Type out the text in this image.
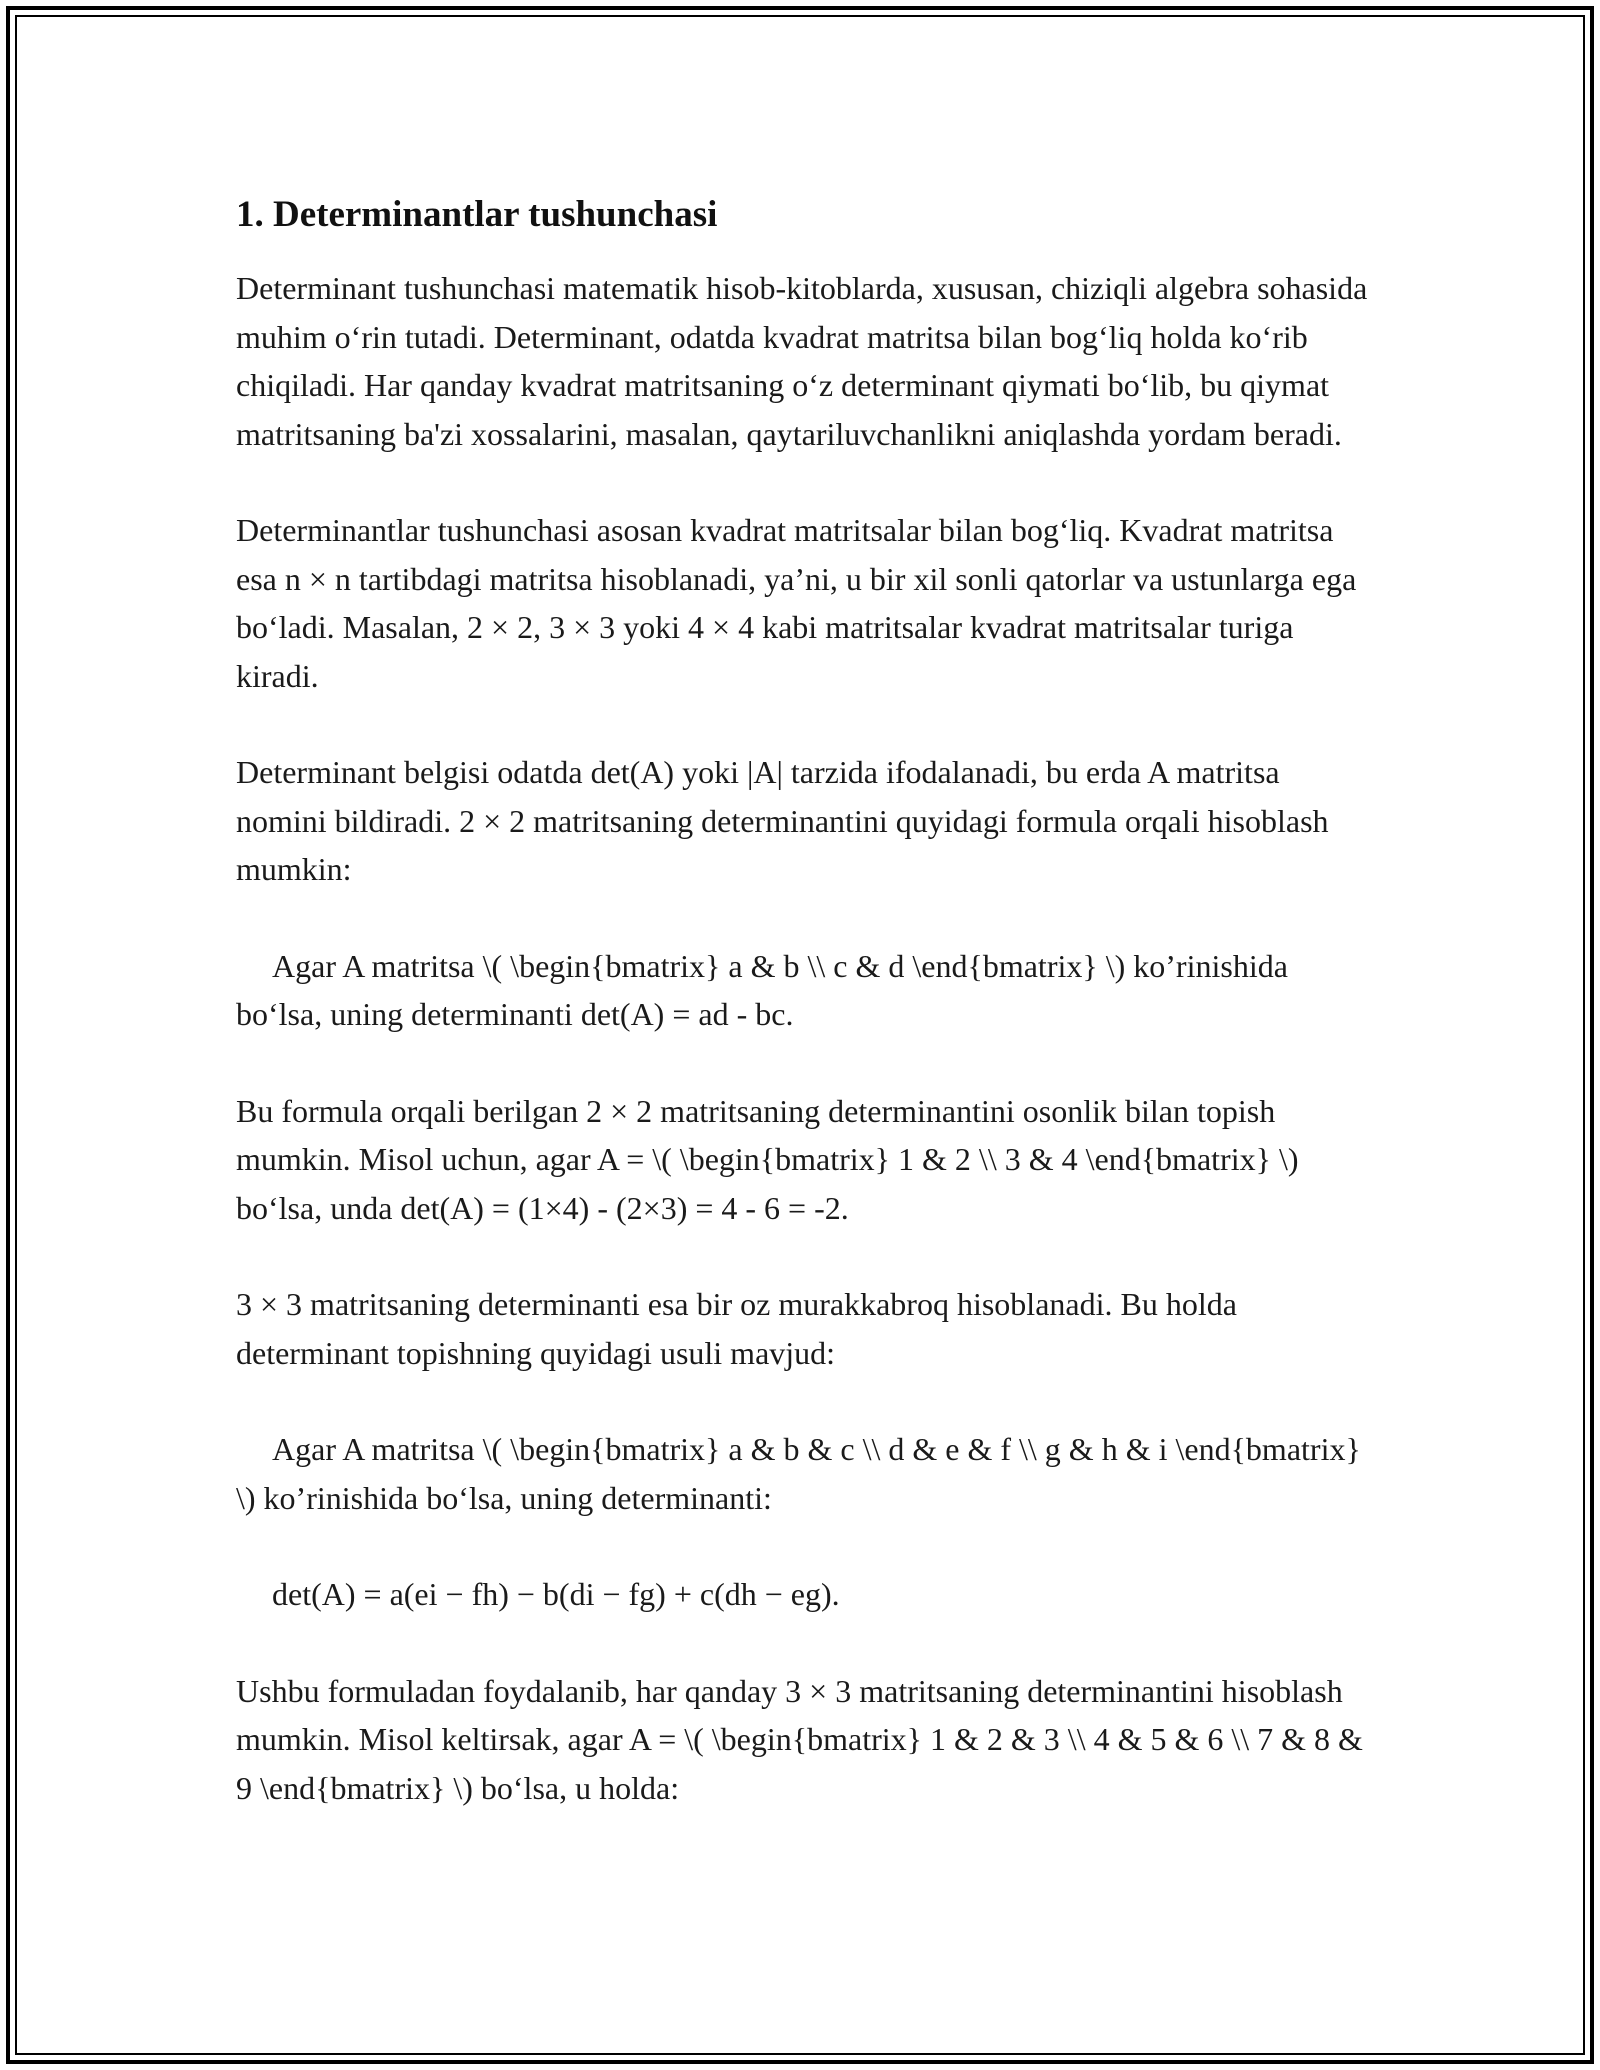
1. Determinantlar tushunchasi

Determinant tushunchasi matematik hisob-kitoblarda, xususan, chiziqli algebra sohasida muhim o‘rin tutadi. Determinant, odatda kvadrat matritsa bilan bog‘liq holda ko‘rib chiqiladi. Har qanday kvadrat matritsaning o‘z determinant qiymati bo‘lib, bu qiymat matritsaning ba'zi xossalarini, masalan, qaytariluvchanlikni aniqlashda yordam beradi.

Determinantlar tushunchasi asosan kvadrat matritsalar bilan bog‘liq. Kvadrat matritsa esa n × n tartibdagi matritsa hisoblanadi, ya’ni, u bir xil sonli qatorlar va ustunlarga ega bo‘ladi. Masalan, 2 × 2, 3 × 3 yoki 4 × 4 kabi matritsalar kvadrat matritsalar turiga kiradi.

Determinant belgisi odatda det(A) yoki |A| tarzida ifodalanadi, bu erda A matritsa nomini bildiradi. 2 × 2 matritsaning determinantini quyidagi formula orqali hisoblash mumkin:

Agar A matritsa \( \begin{bmatrix} a & b \\ c & d \end{bmatrix} \) ko’rinishida bo‘lsa, uning determinanti det(A) = ad - bc.

Bu formula orqali berilgan 2 × 2 matritsaning determinantini osonlik bilan topish mumkin. Misol uchun, agar A = \( \begin{bmatrix} 1 & 2 \\ 3 & 4 \end{bmatrix} \) bo‘lsa, unda det(A) = (1×4) - (2×3) = 4 - 6 = -2.

3 × 3 matritsaning determinanti esa bir oz murakkabroq hisoblanadi. Bu holda determinant topishning quyidagi usuli mavjud:

Agar A matritsa \( \begin{bmatrix} a & b & c \\ d & e & f \\ g & h & i \end{bmatrix} \) ko’rinishida bo‘lsa, uning determinanti:

det(A) = a(ei − fh) − b(di − fg) + c(dh − eg).

Ushbu formuladan foydalanib, har qanday 3 × 3 matritsaning determinantini hisoblash mumkin. Misol keltirsak, agar A = \( \begin{bmatrix} 1 & 2 & 3 \\ 4 & 5 & 6 \\ 7 & 8 & 9 \end{bmatrix} \) bo‘lsa, u holda:
